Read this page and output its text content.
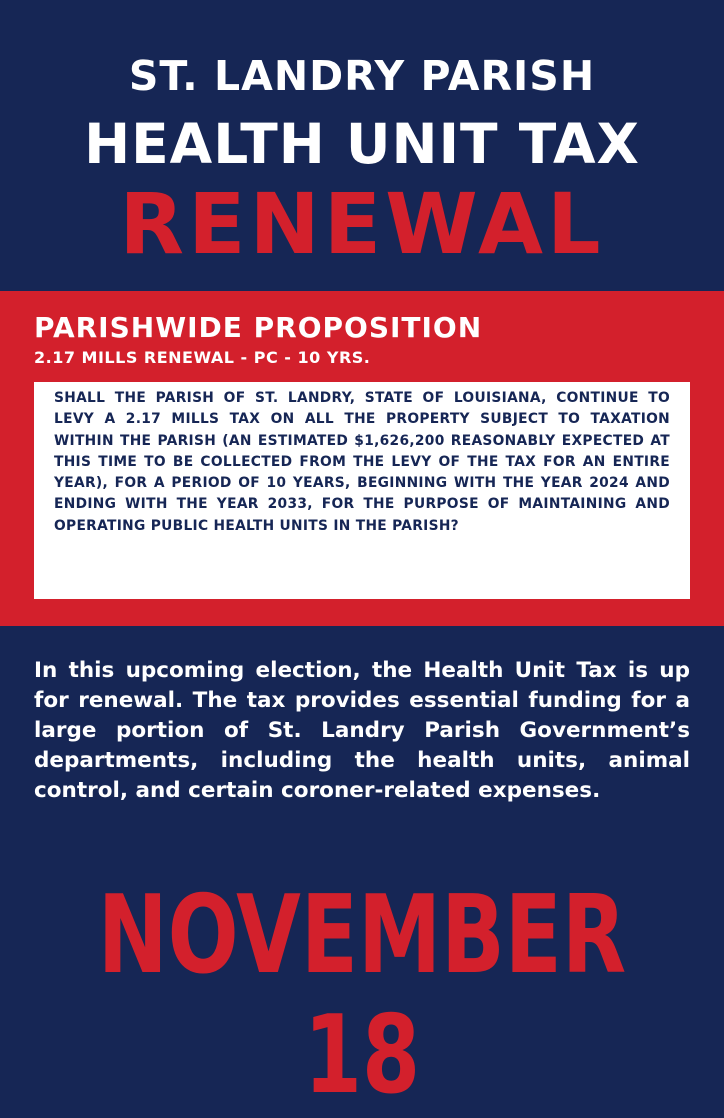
ST. LANDRY PARISH
HEALTH UNIT TAX
RENEWAL
PARISHWIDE PROPOSITION
2.17 MILLS RENEWAL - PC - 10 YRS.

SHALL THE PARISH OF ST. LANDRY, STATE OF LOUISIANA, CONTINUE TO LEVY A 2.17 MILLS TAX ON ALL THE PROPERTY SUBJECT TO TAXATION WITHIN THE PARISH (AN ESTIMATED $1,626,200 REASONABLY EXPECTED AT THIS TIME TO BE COLLECTED FROM THE LEVY OF THE TAX FOR AN ENTIRE YEAR), FOR A PERIOD OF 10 YEARS, BEGINNING WITH THE YEAR 2024 AND ENDING WITH THE YEAR 2033, FOR THE PURPOSE OF MAINTAINING AND OPERATING PUBLIC HEALTH UNITS IN THE PARISH?

In this upcoming election, the Health Unit Tax is up for renewal. The tax provides essential funding for a large portion of St. Landry Parish Government’s departments, including the health units, animal control, and certain coroner-related expenses.

NOVEMBER 18
